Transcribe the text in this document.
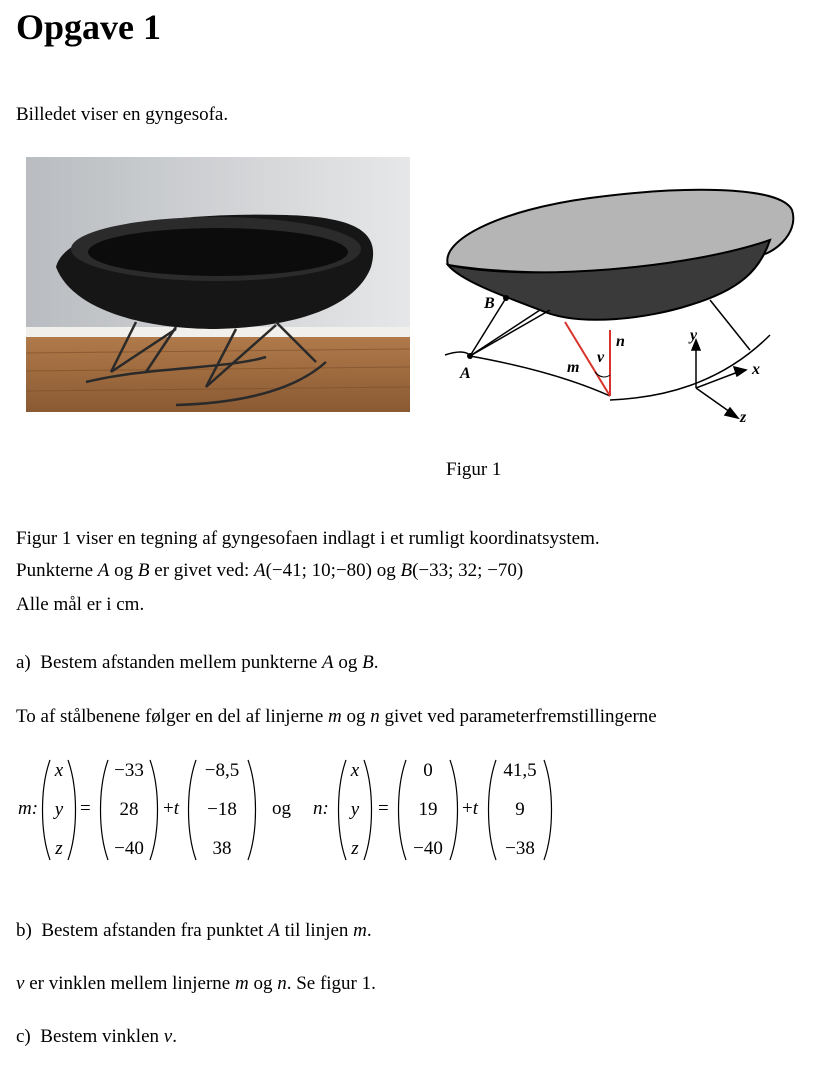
Opgave 1
Billedet viser en gyngesofa.
B
A	m
v
n	y
x
z
Figur 1
Figur 1 viser en tegning af gyngesofaen indlagt i et rumligt koordinatsystem.
Punkterne A og B er givet ved: A(−41; 10;−80) og B(−33; 32; −70)
Alle mål er i cm.
a) Bestem afstanden mellem punkterne A og B.
To af stålbenene følger en del af linjerne m og n givet ved parameterfremstillingerne
m:
x
y
z
=
−33
28
−40
+t
−8,5
−18
38
og n:
x
y
z
=
0
19
−40
+t
41,5
9
−38
b) Bestem afstanden fra punktet A til linjen m.
v er vinklen mellem linjerne m og n. Se figur 1.
c) Bestem vinklen v.
